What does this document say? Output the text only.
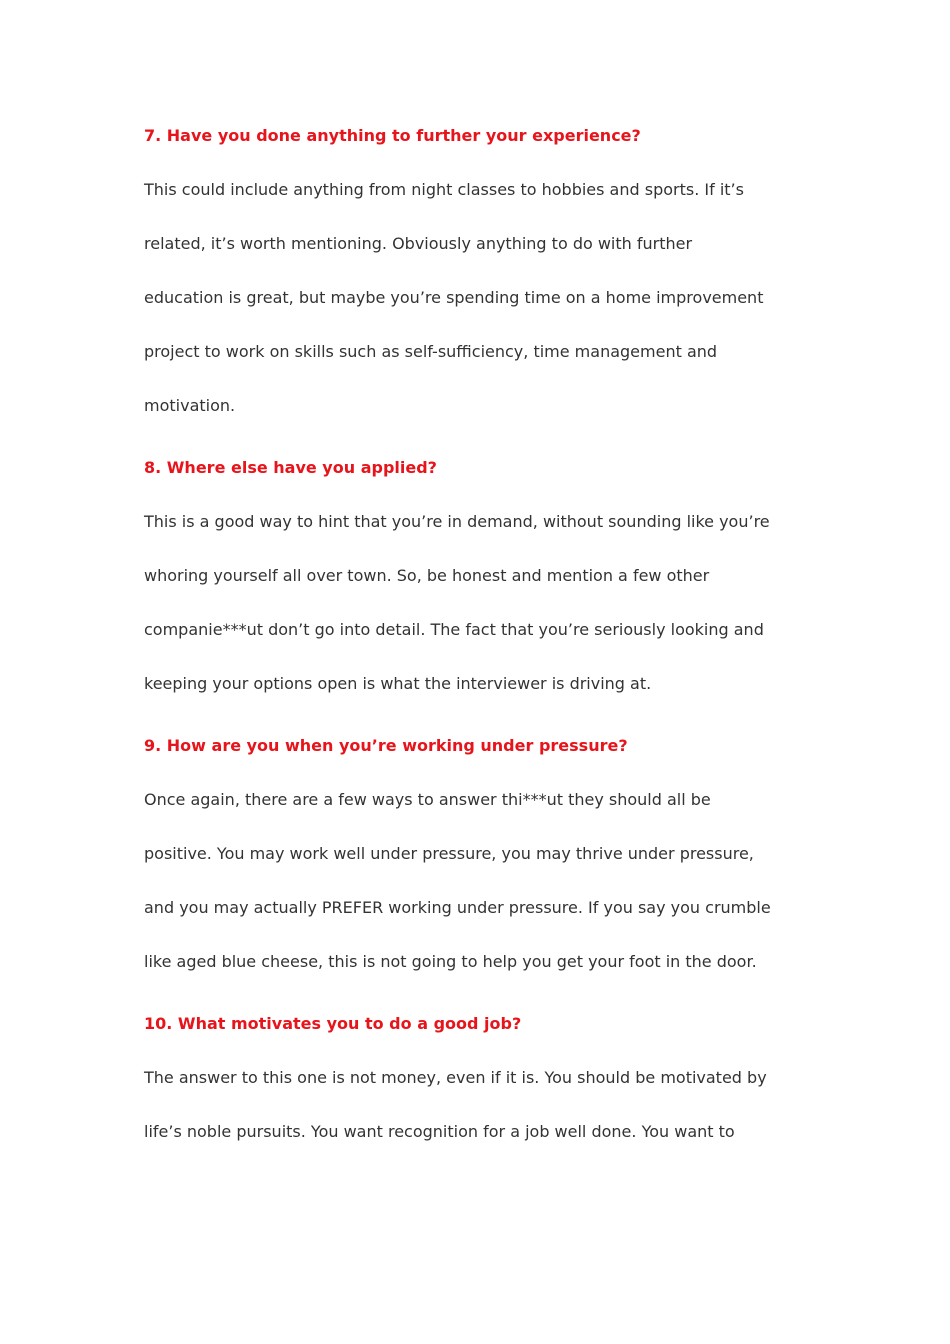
7. Have you done anything to further your experience?

This could include anything from night classes to hobbies and sports. If it’s

related, it’s worth mentioning. Obviously anything to do with further

education is great, but maybe you’re spending time on a home improvement

project to work on skills such as self-sufficiency, time management and

motivation.

8. Where else have you applied?

This is a good way to hint that you’re in demand, without sounding like you’re

whoring yourself all over town. So, be honest and mention a few other

companie***ut don’t go into detail. The fact that you’re seriously looking and

keeping your options open is what the interviewer is driving at.

9. How are you when you’re working under pressure?

Once again, there are a few ways to answer thi***ut they should all be

positive. You may work well under pressure, you may thrive under pressure,

and you may actually PREFER working under pressure. If you say you crumble

like aged blue cheese, this is not going to help you get your foot in the door.

10. What motivates you to do a good job?

The answer to this one is not money, even if it is. You should be motivated by

life’s noble pursuits. You want recognition for a job well done. You want to
